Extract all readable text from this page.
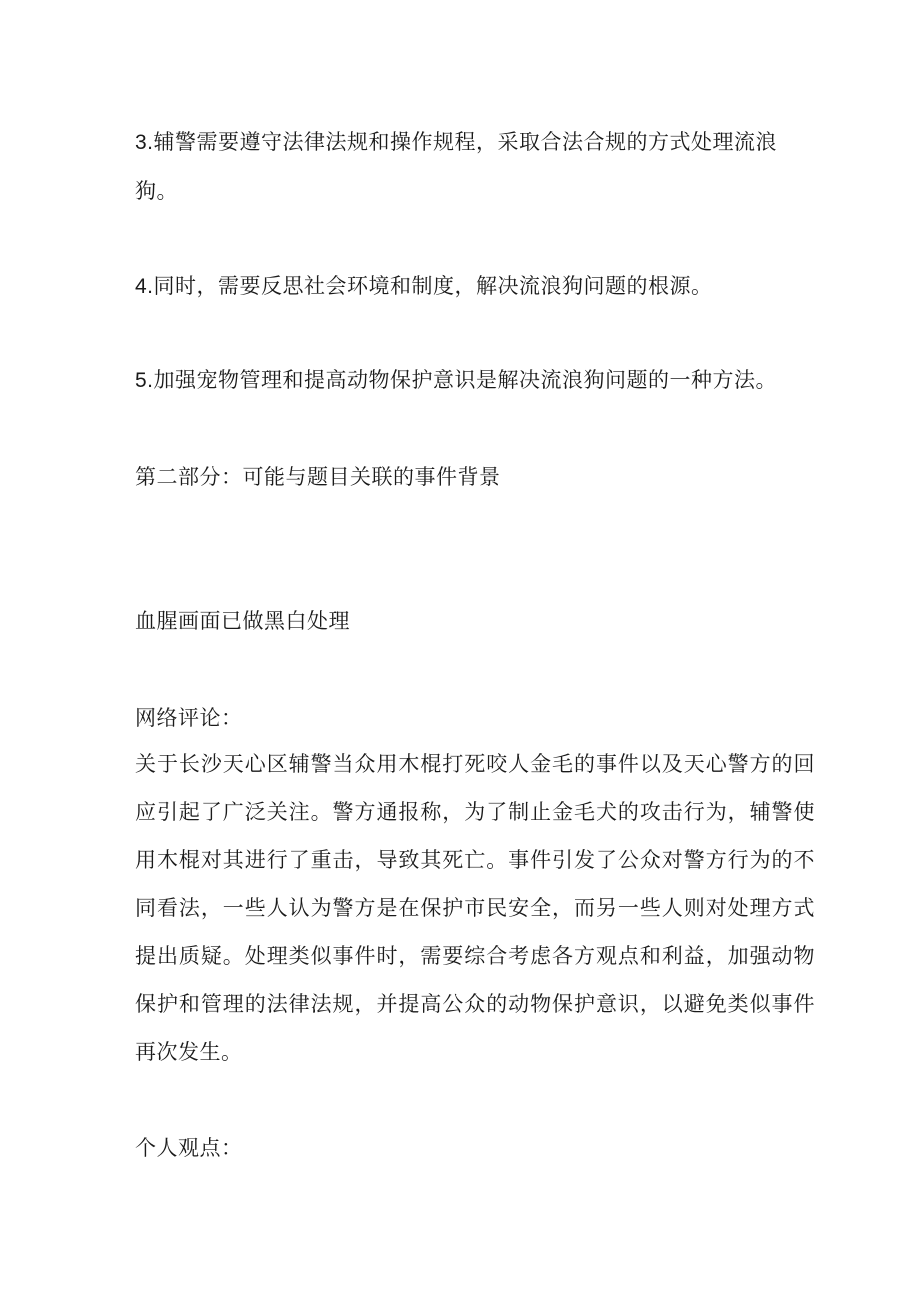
3.辅警需要遵守法律法规和操作规程，采取合法合规的方式处理流浪狗。

4.同时，需要反思社会环境和制度，解决流浪狗问题的根源。

5.加强宠物管理和提高动物保护意识是解决流浪狗问题的一种方法。

第二部分：可能与题目关联的事件背景

血腥画面已做黑白处理

网络评论：

关于长沙天心区辅警当众用木棍打死咬人金毛的事件以及天心警方的回应引起了广泛关注。警方通报称，为了制止金毛犬的攻击行为，辅警使用木棍对其进行了重击，导致其死亡。事件引发了公众对警方行为的不同看法，一些人认为警方是在保护市民安全，而另一些人则对处理方式提出质疑。处理类似事件时，需要综合考虑各方观点和利益，加强动物保护和管理的法律法规，并提高公众的动物保护意识，以避免类似事件再次发生。

个人观点：
